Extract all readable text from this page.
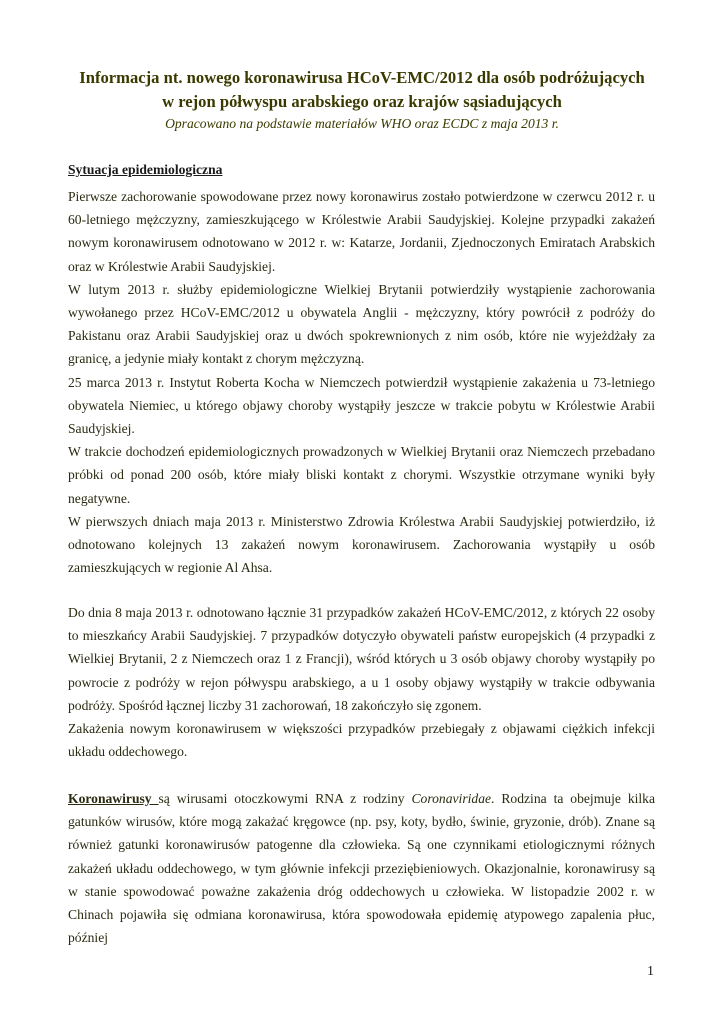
Informacja nt. nowego koronawirusa HCoV-EMC/2012 dla osób podróżujących
w rejon półwyspu arabskiego oraz krajów sąsiadujących

Opracowano na podstawie materiałów WHO oraz ECDC z maja 2013 r.

Sytuacja epidemiologiczna

Pierwsze zachorowanie spowodowane przez nowy koronawirus zostało potwierdzone w czerwcu 2012 r. u 60-letniego mężczyzny, zamieszkującego w Królestwie Arabii Saudyjskiej. Kolejne przypadki zakażeń nowym koronawirusem odnotowano w 2012 r. w: Katarze, Jordanii, Zjednoczonych Emiratach Arabskich oraz w Królestwie Arabii Saudyjskiej.

W lutym 2013 r. służby epidemiologiczne Wielkiej Brytanii potwierdziły wystąpienie zachorowania wywołanego przez HCoV-EMC/2012 u obywatela Anglii - mężczyzny, który powrócił z podróży do Pakistanu oraz Arabii Saudyjskiej oraz u dwóch spokrewnionych z nim osób, które nie wyjeżdżały za granicę, a jedynie miały kontakt z chorym mężczyzną.

25 marca 2013 r. Instytut Roberta Kocha w Niemczech potwierdził wystąpienie zakażenia u 73-letniego obywatela Niemiec, u którego objawy choroby wystąpiły jeszcze w trakcie pobytu w Królestwie Arabii Saudyjskiej.

W trakcie dochodzeń epidemiologicznych prowadzonych w Wielkiej Brytanii oraz Niemczech przebadano próbki od ponad 200 osób, które miały bliski kontakt z chorymi. Wszystkie otrzymane wyniki były negatywne.

W pierwszych dniach maja 2013 r. Ministerstwo Zdrowia Królestwa Arabii Saudyjskiej potwierdziło, iż odnotowano kolejnych 13 zakażeń nowym koronawirusem. Zachorowania wystąpiły u osób zamieszkujących w regionie Al Ahsa.

Do dnia 8 maja 2013 r. odnotowano łącznie 31 przypadków zakażeń HCoV-EMC/2012, z których 22 osoby to mieszkańcy Arabii Saudyjskiej. 7 przypadków dotyczyło obywateli państw europejskich (4 przypadki z Wielkiej Brytanii, 2 z Niemczech oraz 1 z Francji), wśród których u 3 osób objawy choroby wystąpiły po powrocie z podróży w rejon półwyspu arabskiego, a u 1 osoby objawy wystąpiły w trakcie odbywania podróży. Spośród łącznej liczby 31 zachorowań, 18 zakończyło się zgonem.

Zakażenia nowym koronawirusem w większości przypadków przebiegały z objawami ciężkich infekcji układu oddechowego.

Koronawirusy są wirusami otoczkowymi RNA z rodziny Coronaviridae. Rodzina ta obejmuje kilka gatunków wirusów, które mogą zakażać kręgowce (np. psy, koty, bydło, świnie, gryzonie, drób). Znane są również gatunki koronawirusów patogenne dla człowieka. Są one czynnikami etiologicznymi różnych zakażeń układu oddechowego, w tym głównie infekcji przeziębieniowych. Okazjonalnie, koronawirusy są w stanie spowodować poważne zakażenia dróg oddechowych u człowieka. W listopadzie 2002 r. w Chinach pojawiła się odmiana koronawirusa, która spowodowała epidemię atypowego zapalenia płuc, później

1
